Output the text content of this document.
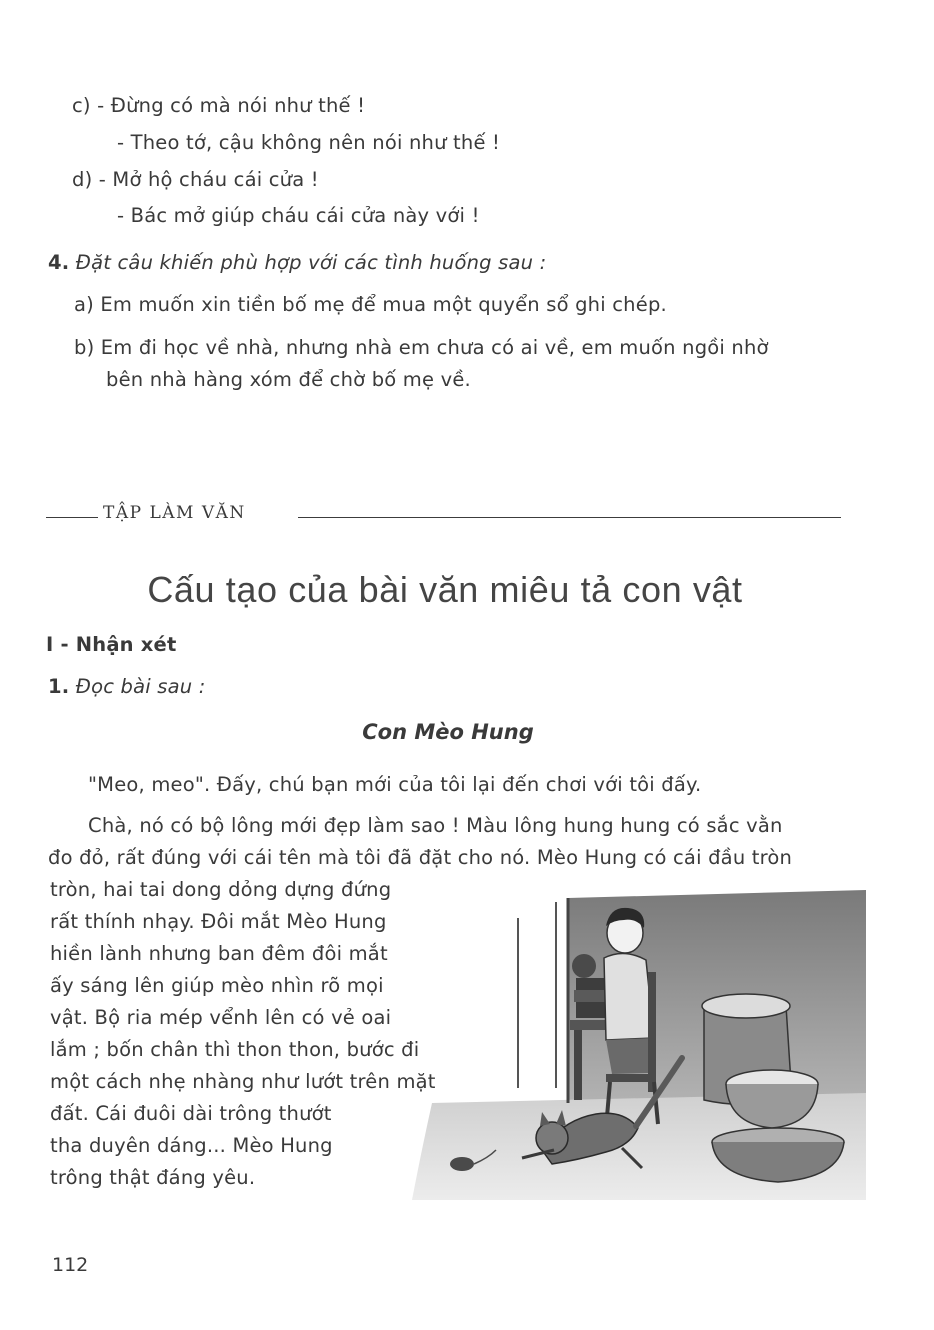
c) - Đừng có mà nói như thế !
- Theo tớ, cậu không nên nói như thế !
d) - Mở hộ cháu cái cửa !
- Bác mở giúp cháu cái cửa này với !
4. Đặt câu khiến phù hợp với các tình huống sau :
a) Em muốn xin tiền bố mẹ để mua một quyển sổ ghi chép.
b) Em đi học về nhà, nhưng nhà em chưa có ai về, em muốn ngồi nhờ
bên nhà hàng xóm để chờ bố mẹ về.
TẬP LÀM VĂN
Cấu tạo của bài văn miêu tả con vật
I - Nhận xét
1. Đọc bài sau :
Con Mèo Hung
"Meo, meo". Đấy, chú bạn mới của tôi lại đến chơi với tôi đấy.
Chà, nó có bộ lông mới đẹp làm sao ! Màu lông hung hung có sắc vằn
đo đỏ, rất đúng với cái tên mà tôi đã đặt cho nó. Mèo Hung có cái đầu tròn
tròn, hai tai dong dỏng dựng đứng
rất thính nhạy. Đôi mắt Mèo Hung
hiền lành nhưng ban đêm đôi mắt
ấy sáng lên giúp mèo nhìn rõ mọi
vật. Bộ ria mép vểnh lên có vẻ oai
lắm ; bốn chân thì thon thon, bước đi
một cách nhẹ nhàng như lướt trên mặt
đất. Cái đuôi dài trông thướt
tha duyên dáng... Mèo Hung
trông thật đáng yêu.
112
